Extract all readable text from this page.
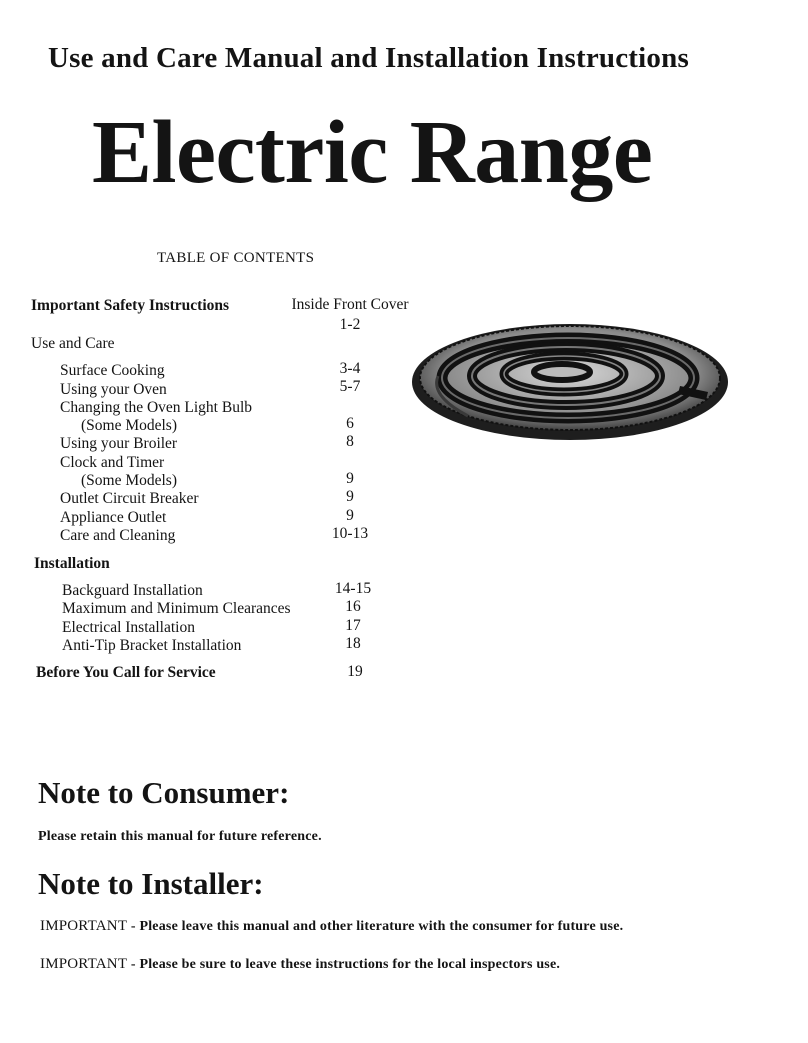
Use and Care Manual and Installation Instructions
Electric Range
TABLE OF CONTENTS
Important Safety Instructions	Inside Front Cover
1-2
Use and Care
Surface Cooking	3-4
Using your Oven	5-7
Changing the Oven Light Bulb
(Some Models)	6
Using your Broiler	8
Clock and Timer
(Some Models)	9
Outlet Circuit Breaker	9
Appliance Outlet	9
Care and Cleaning	10-13
Installation
Backguard Installation	14-15
Maximum and Minimum Clearances	16
Electrical Installation	17
Anti-Tip Bracket Installation	18
Before You Call for Service	19
Note to Consumer:
Please retain this manual for future reference.
Note to Installer:
IMPORTANT - Please leave this manual and other literature with the consumer for future use.
IMPORTANT - Please be sure to leave these instructions for the local inspectors use.
